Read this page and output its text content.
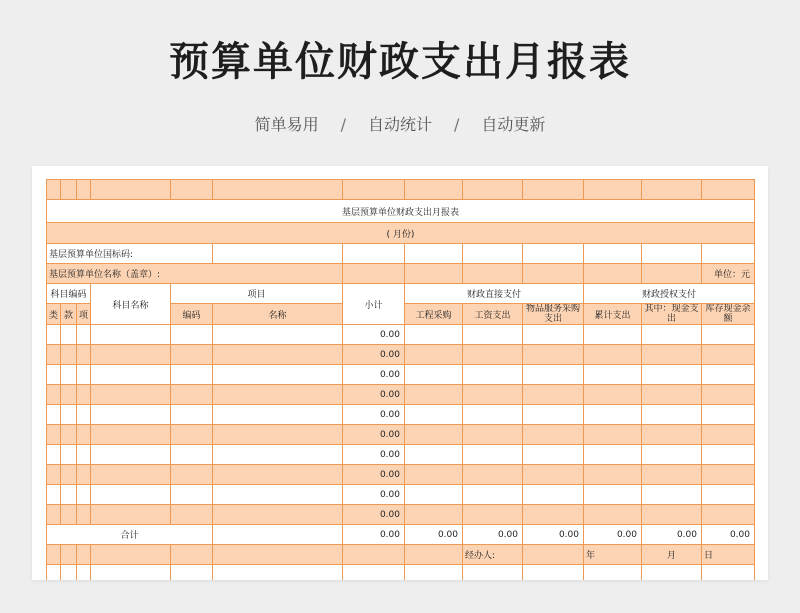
预算单位财政支出月报表
简单易用 / 自动统计 / 自动更新

基层预算单位财政支出月报表												
( 月份)												
基层预算单位国标码:												
基层预算单位名称（盖章）:												单位：元
科目编码			科目名称	项目		小计	财政直接支付			财政授权支付		
类	款	项		编码	名称		工程采购	工资支出	物品服务采购支出	累计支出	其中：现金支出	库存现金余额
						0.00						
						0.00						
						0.00						
						0.00						
						0.00						
						0.00						
						0.00						
						0.00						
						0.00						
						0.00						
合计						0.00	0.00	0.00	0.00	0.00	0.00	0.00
								经办人:		年	月	日
